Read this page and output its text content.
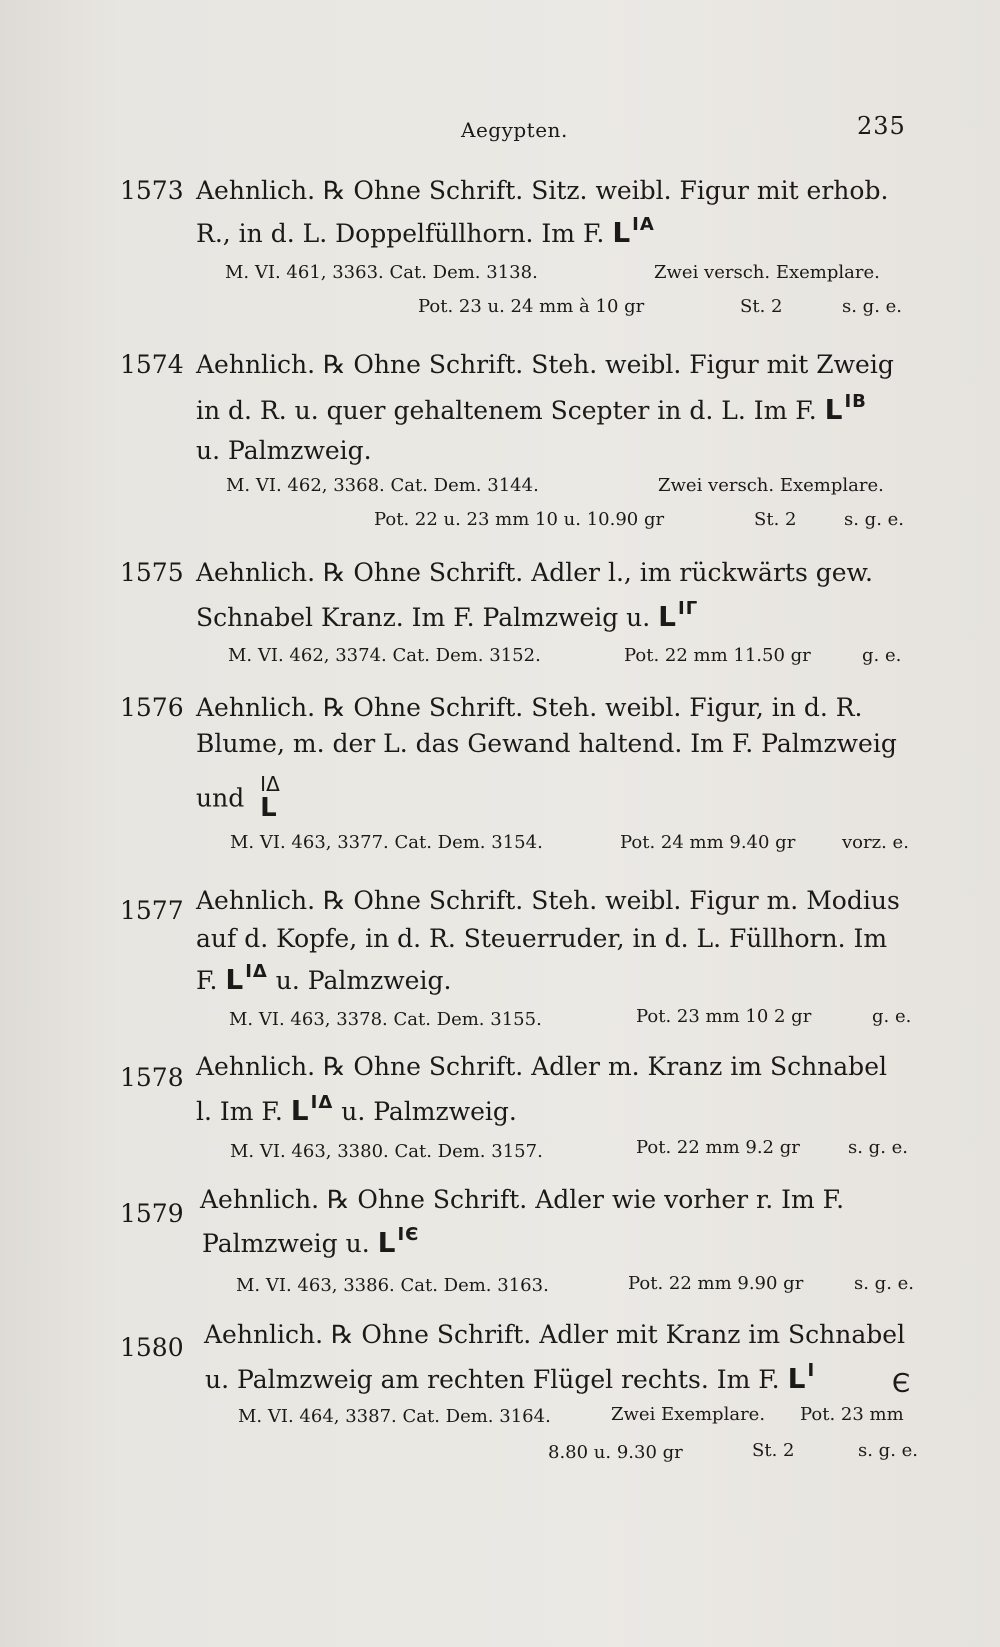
Aegypten.	235
1573 Aehnlich. ℞ Ohne Schrift. Sitz. weibl. Figur mit erhob.
R., in d. L. Doppelfüllhorn. Im F. L $^{IA}$
M. VI. 461, 3363. Cat. Dem. 3138.	Zwei versch. Exemplare.
Pot. 23 u. 24 mm à 10 gr	St. 2	s. g. e.
1574 Aehnlich. ℞ Ohne Schrift. Steh. weibl. Figur mit Zweig
in d. R. u. quer gehaltenem Scepter in d. L. Im F. L $^{IB}$
u. Palmzweig.
M. VI. 462, 3368. Cat. Dem. 3144.	Zwei versch. Exemplare.
Pot. 22 u. 23 mm 10 u. 10.90 gr	St. 2	s. g. e.
1575 Aehnlich. ℞ Ohne Schrift. Adler l., im rückwärts gew.
Schnabel Kranz. Im F. Palmzweig u. L $^{I\Gamma}$
M. VI. 462, 3374. Cat. Dem. 3152.	Pot. 22 mm 11.50 gr	g. e.
1576 Aehnlich. ℞ Ohne Schrift. Steh. weibl. Figur, in d. R.
Blume, m. der L. das Gewand haltend. Im F. Palmzweig
und IΔ
L
M. VI. 463, 3377. Cat. Dem. 3154.	Pot. 24 mm 9.40 gr	vorz. e.
1577 Aehnlich. ℞ Ohne Schrift. Steh. weibl. Figur m. Modius
auf d. Kopfe, in d. R. Steuerruder, in d. L. Füllhorn. Im
F. L $^{I\Delta}$ u. Palmzweig.
M. VI. 463, 3378. Cat. Dem. 3155.	Pot. 23 mm 10 2 gr	g. e.
1578 Aehnlich. ℞ Ohne Schrift. Adler m. Kranz im Schnabel
l. Im F. L $^{I\Delta}$ u. Palmzweig.
M. VI. 463, 3380. Cat. Dem. 3157.	Pot. 22 mm 9.2 gr	s. g. e.
1579 Aehnlich. ℞ Ohne Schrift. Adler wie vorher r. Im F.
Palmzweig u. L $^{IЄ}$
M. VI. 463, 3386. Cat. Dem. 3163.	Pot. 22 mm 9.90 gr	s. g. e.
1580 Aehnlich. ℞ Ohne Schrift. Adler mit Kranz im Schnabel
u. Palmzweig am rechten Flügel rechts. Im F. L $^I$	Є
M. VI. 464, 3387. Cat. Dem. 3164.	Zwei Exemplare. Pot. 23 mm
8.80 u. 9.30 gr	St. 2	s. g. e.
